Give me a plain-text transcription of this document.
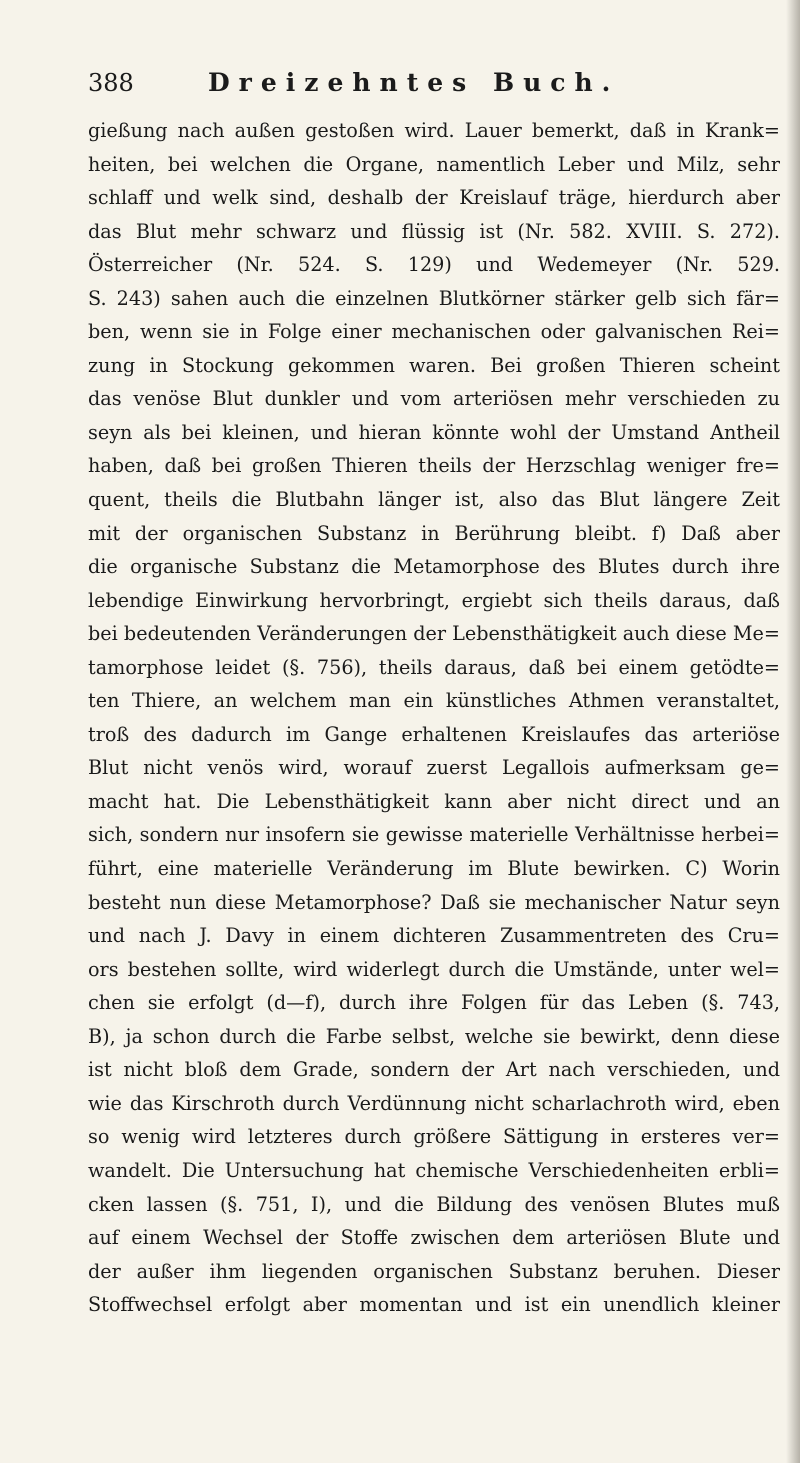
388	Dreizehntes Buch.
gießung nach außen gestoßen wird. Lauer bemerkt, daß in Krank=
heiten, bei welchen die Organe, namentlich Leber und Milz, sehr
schlaff und welk sind, deshalb der Kreislauf träge, hierdurch aber
das Blut mehr schwarz und flüssig ist (Nr. 582. XVIII. S. 272).
Österreicher (Nr. 524. S. 129) und Wedemeyer (Nr. 529.
S. 243) sahen auch die einzelnen Blutkörner stärker gelb sich fär=
ben, wenn sie in Folge einer mechanischen oder galvanischen Rei=
zung in Stockung gekommen waren. Bei großen Thieren scheint
das venöse Blut dunkler und vom arteriösen mehr verschieden zu
seyn als bei kleinen, und hieran könnte wohl der Umstand Antheil
haben, daß bei großen Thieren theils der Herzschlag weniger fre=
quent, theils die Blutbahn länger ist, also das Blut längere Zeit
mit der organischen Substanz in Berührung bleibt. f) Daß aber
die organische Substanz die Metamorphose des Blutes durch ihre
lebendige Einwirkung hervorbringt, ergiebt sich theils daraus, daß
bei bedeutenden Veränderungen der Lebensthätigkeit auch diese Me=
tamorphose leidet (§. 756), theils daraus, daß bei einem getödte=
ten Thiere, an welchem man ein künstliches Athmen veranstaltet,
troß des dadurch im Gange erhaltenen Kreislaufes das arteriöse
Blut nicht venös wird, worauf zuerst Legallois aufmerksam ge=
macht hat. Die Lebensthätigkeit kann aber nicht direct und an
sich, sondern nur insofern sie gewisse materielle Verhältnisse herbei=
führt, eine materielle Veränderung im Blute bewirken. C) Worin
besteht nun diese Metamorphose? Daß sie mechanischer Natur seyn
und nach J. Davy in einem dichteren Zusammentreten des Cru=
ors bestehen sollte, wird widerlegt durch die Umstände, unter wel=
chen sie erfolgt (d—f), durch ihre Folgen für das Leben (§. 743,
B), ja schon durch die Farbe selbst, welche sie bewirkt, denn diese
ist nicht bloß dem Grade, sondern der Art nach verschieden, und
wie das Kirschroth durch Verdünnung nicht scharlachroth wird, eben
so wenig wird letzteres durch größere Sättigung in ersteres ver=
wandelt. Die Untersuchung hat chemische Verschiedenheiten erbli=
cken lassen (§. 751, I), und die Bildung des venösen Blutes muß
auf einem Wechsel der Stoffe zwischen dem arteriösen Blute und
der außer ihm liegenden organischen Substanz beruhen. Dieser
Stoffwechsel erfolgt aber momentan und ist ein unendlich kleiner
